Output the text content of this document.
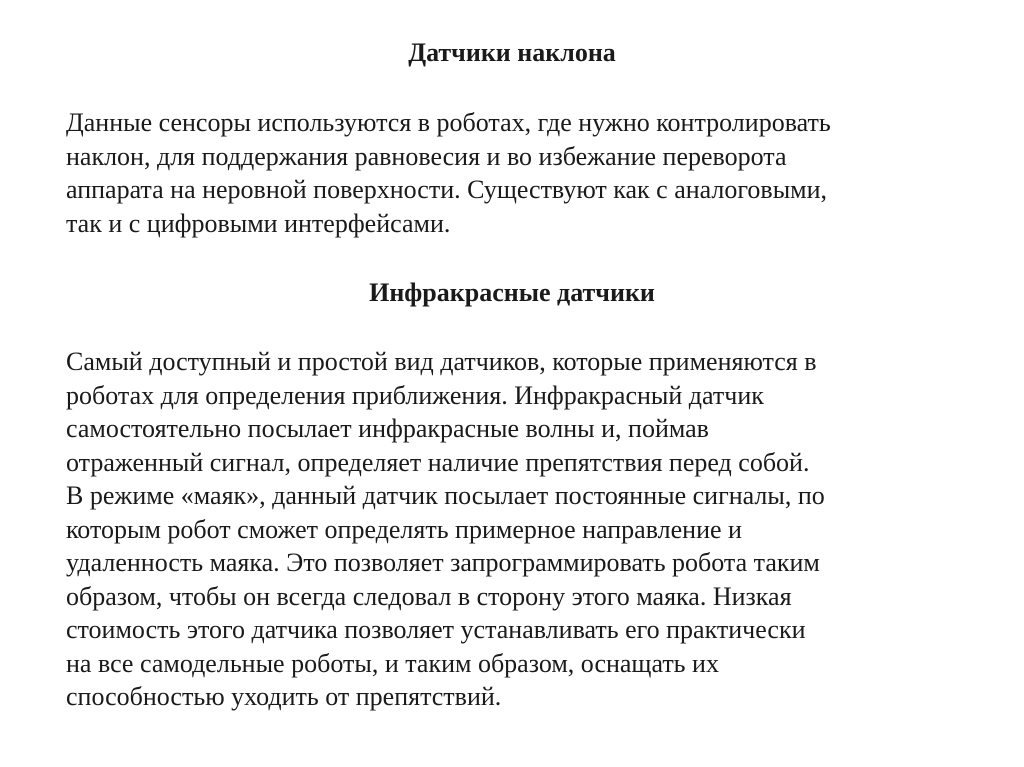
Датчики наклона

Данные сенсоры используются в роботах, где нужно контролировать
наклон, для поддержания равновесия и во избежание переворота
аппарата на неровной поверхности. Существуют как с аналоговыми,
так и с цифровыми интерфейсами.

Инфракрасные датчики

Самый доступный и простой вид датчиков, которые применяются в
роботах для определения приближения. Инфракрасный датчик
самостоятельно посылает инфракрасные волны и, поймав
отраженный сигнал, определяет наличие препятствия перед собой.
В режиме «маяк», данный датчик посылает постоянные сигналы, по
которым робот сможет определять примерное направление и
удаленность маяка. Это позволяет запрограммировать робота таким
образом, чтобы он всегда следовал в сторону этого маяка. Низкая
стоимость этого датчика позволяет устанавливать его практически
на все самодельные роботы, и таким образом, оснащать их
способностью уходить от препятствий.
